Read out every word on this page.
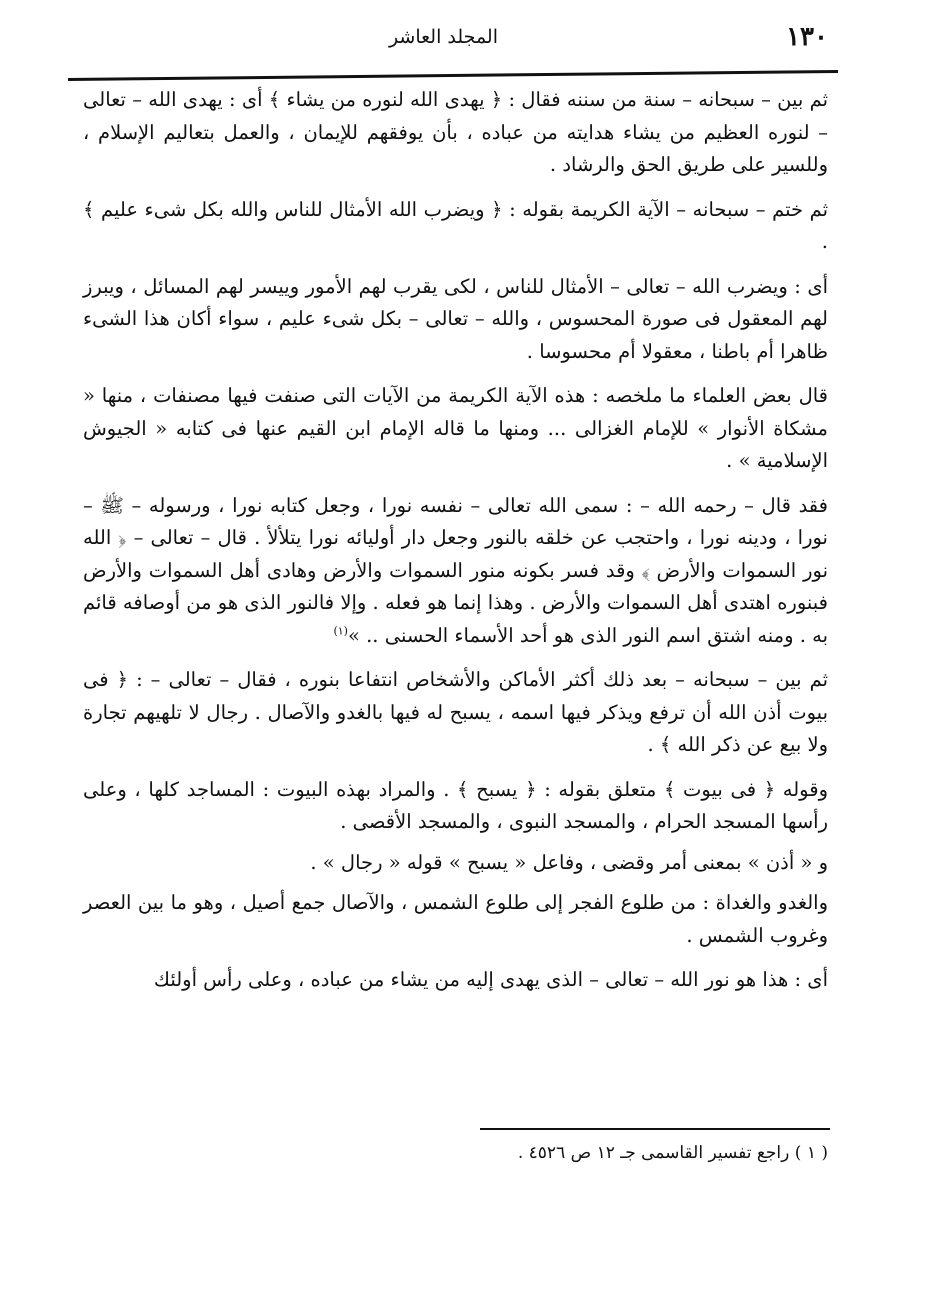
١٣٠
المجلد العاشر

ثم بين – سبحانه – سنة من سننه فقال : ﴿ يهدى الله لنوره من يشاء ﴾ أى : يهدى الله – تعالى – لنوره العظيم من يشاء هدايته من عباده ، بأن يوفقهم للإيمان ، والعمل بتعاليم الإسلام ، وللسير على طريق الحق والرشاد .

ثم ختم – سبحانه – الآية الكريمة بقوله : ﴿ ويضرب الله الأمثال للناس والله بكل شىء عليم ﴾ .

أى : ويضرب الله – تعالى – الأمثال للناس ، لكى يقرب لهم الأمور وييسر لهم المسائل ، ويبرز لهم المعقول فى صورة المحسوس ، والله – تعالى – بكل شىء عليم ، سواء أكان هذا الشىء ظاهرا أم باطنا ، معقولا أم محسوسا .

قال بعض العلماء ما ملخصه : هذه الآية الكريمة من الآيات التى صنفت فيها مصنفات ، منها « مشكاة الأنوار » للإمام الغزالى ... ومنها ما قاله الإمام ابن القيم عنها فى كتابه « الجيوش الإسلامية » .

فقد قال – رحمه الله – : سمى الله تعالى – نفسه نورا ، وجعل كتابه نورا ، ورسوله – ﷺ – نورا ، ودينه نورا ، واحتجب عن خلقه بالنور وجعل دار أوليائه نورا يتلألأ . قال – تعالى – ﴿ الله نور السموات والأرض ﴾ وقد فسر بكونه منور السموات والأرض وهادى أهل السموات والأرض فبنوره اهتدى أهل السموات والأرض . وهذا إنما هو فعله . وإلا فالنور الذى هو من أوصافه قائم به . ومنه اشتق اسم النور الذى هو أحد الأسماء الحسنى .. »$^{(١)}$

ثم بين – سبحانه – بعد ذلك أكثر الأماكن والأشخاص انتفاعا بنوره ، فقال – تعالى – : ﴿ فى بيوت أذن الله أن ترفع ويذكر فيها اسمه ، يسبح له فيها بالغدو والآصال . رجال لا تلهيهم تجارة ولا بيع عن ذكر الله ﴾ .

وقوله ﴿ فى بيوت ﴾ متعلق بقوله : ﴿ يسبح ﴾ . والمراد بهذه البيوت : المساجد كلها ، وعلى رأسها المسجد الحرام ، والمسجد النبوى ، والمسجد الأقصى .

و « أذن » بمعنى أمر وقضى ، وفاعل « يسبح » قوله « رجال » .

والغدو والغداة : من طلوع الفجر إلى طلوع الشمس ، والآصال جمع أصيل ، وهو ما بين العصر وغروب الشمس .

أى : هذا هو نور الله – تعالى – الذى يهدى إليه من يشاء من عباده ، وعلى رأس أولئك

( ١ ) راجع تفسير القاسمى جـ ١٢ ص ٤٥٢٦ .
